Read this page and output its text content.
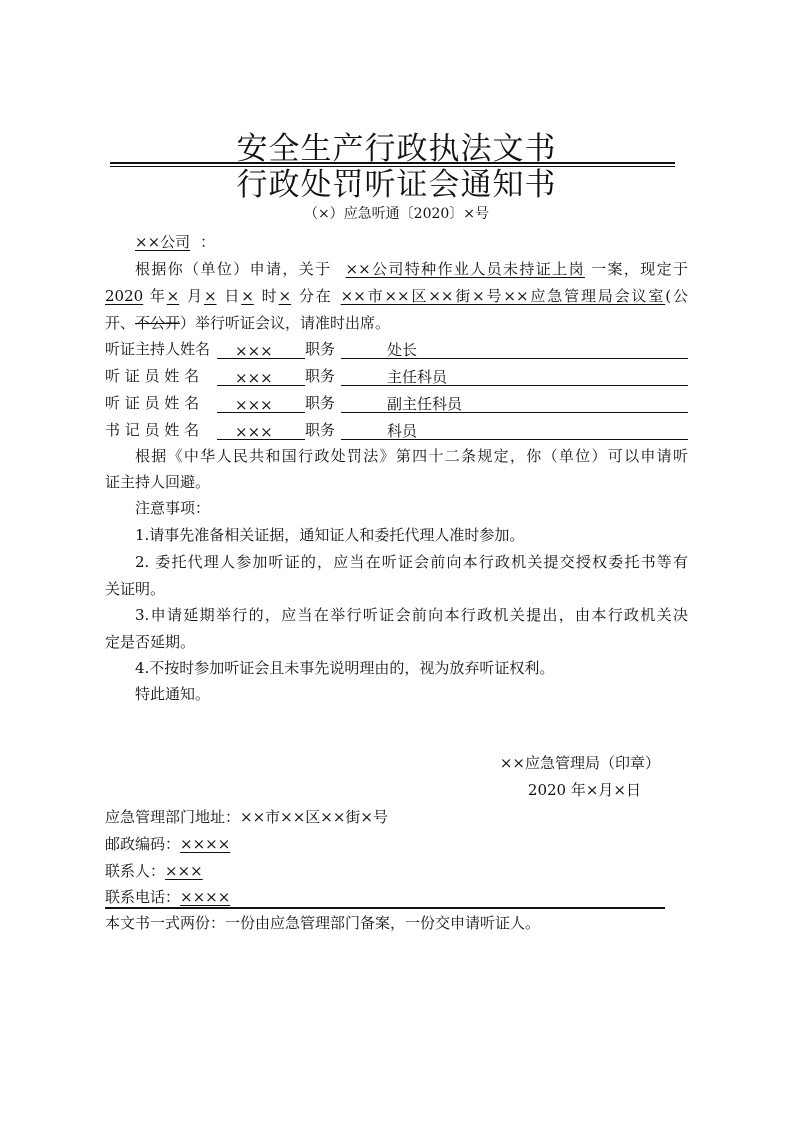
安全生产行政执法文书
行政处罚听证会通知书
（×）应急听通〔2020〕×号
××公司 ：
根据你（单位）申请，关于 ××公司特种作业人员未持证上岗 一案，现定于
2020 年× 月× 日× 时× 分在 ××市××区××街×号××应急管理局会议室(公
开、不公开）举行听证会议，请准时出席。
听证主持人姓名	×××	职务	处长
听 证 员 姓 名	×××	职务	主任科员
听 证 员 姓 名	×××	职务	副主任科员
书 记 员 姓 名	×××	职务	科员
根据《中华人民共和国行政处罚法》第四十二条规定，你（单位）可以申请听
证主持人回避。
注意事项：
1.请事先准备相关证据，通知证人和委托代理人准时参加。
2. 委托代理人参加听证的，应当在听证会前向本行政机关提交授权委托书等有
关证明。
3.申请延期举行的，应当在举行听证会前向本行政机关提出，由本行政机关决
定是否延期。
4.不按时参加听证会且未事先说明理由的，视为放弃听证权利。
特此通知。
××应急管理局（印章）
2020 年×月×日
应急管理部门地址：××市××区××街×号
邮政编码：××××
联系人：×××
联系电话：××××
本文书一式两份：一份由应急管理部门备案，一份交申请听证人。
